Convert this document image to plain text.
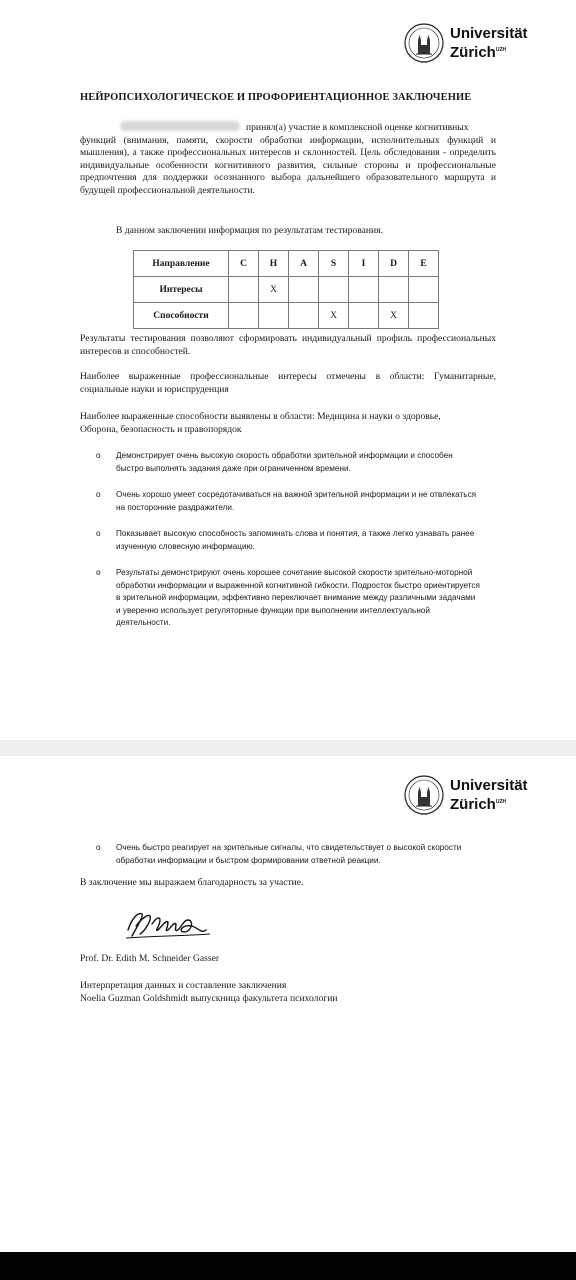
Universität
Zürich$^{UZH}$
НЕЙРОПСИХОЛОГИЧЕСКОЕ И ПРОФОРИЕНТАЦИОННОЕ ЗАКЛЮЧЕНИЕ
принял(а) участие в комплексной оценке когнитивных
функций (внимания, памяти, скорости обработки информации, исполнительных функций и мышления), а также профессиональных интересов и склонностей. Цель обследования - определить индивидуальные особенности когнитивного развития, сильные стороны и профессиональные предпочтения для поддержки осознанного выбора дальнейшего образовательного маршрута и будущей профессиональной деятельности.
В данном заключении информация по результатам тестирования.
Направление	C	H	A	S	I	D	E
Интересы		X					
Способности				X		X	
Результаты тестирования позволяют сформировать индивидуальный профиль профессиональных интересов и способностей.
Наиболее выраженные профессиональные интересы отмечены в области: Гуманитарные, социальные науки и юриспруденция
Наиболее выраженные способности выявлены в области: Медицина и науки о здоровье, Оборона, безопасность и правопорядок
o Демонстрирует очень высокую скорость обработки зрительной информации и способен быстро выполнять задания даже при ограниченном времени.
o Очень хорошо умеет сосредотачиваться на важной зрительной информации и не отвлекаться на посторонние раздражители.
o Показывает высокую способность запоминать слова и понятия, а также легко узнавать ранее изученную словесную информацию.
o Результаты демонстрируют очень хорошее сочетание высокой скорости зрительно-моторной обработки информации и выраженной когнитивной гибкости. Подросток быстро ориентируется в зрительной информации, эффективно переключает внимание между различными задачами и уверенно использует регуляторные функции при выполнении интеллектуальной деятельности.
Universität
Zürich$^{UZH}$
o Очень быстро реагирует на зрительные сигналы, что свидетельствует о высокой скорости обработки информации и быстром формировании ответной реакции.
В заключение мы выражаем благодарность за участие.
Prof. Dr. Edith M. Schneider Gasser
Интерпретация данных и составление заключения
Noelia Guzman Goldshmidt выпускница факультета психологии
